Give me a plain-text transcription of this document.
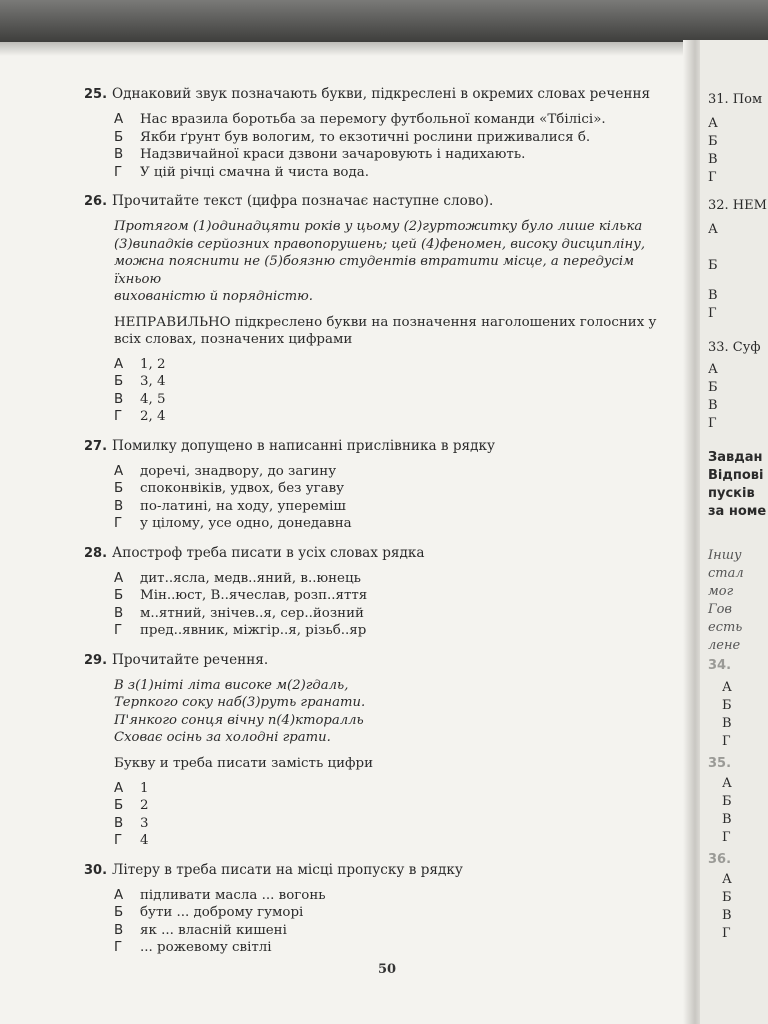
25. Однаковий звук позначають букви, підкреслені в окремих словах речення

А Нас вразила боротьба за перемогу футбольної команди «Тбілісі».
Б Якби ґрунт був вологим, то екзотичні рослини приживалися б.
В Надзвичайної краси дзвони зачаровують і надихають.
Г У цій річці смачна й чиста вода.

26. Прочитайте текст (цифра позначає наступне слово).

Протягом (1)одинадцяти років у цьому (2)гуртожитку було лише кілька

(3)випадків серйозних правопорушень; цей (4)феномен, високу дисципліну,

можна пояснити не (5)боязню студентів втратити місце, а передусім їхньою

вихованістю й порядністю.

НЕПРАВИЛЬНО підкреслено букви на позначення наголошених голосних у

всіх словах, позначених цифрами

А 1, 2
Б 3, 4
В 4, 5
Г 2, 4

27. Помилку допущено в написанні прислівника в рядку

А доречі, знадвору, до загину
Б споконвіків, удвох, без угаву
В по-латині, на ходу, упереміш
Г у цілому, усе одно, донедавна

28. Апостроф треба писати в усіх словах рядка

А дит..ясла, медв..яний, в..юнець
Б Мін..юст, В..ячеслав, розп..яття
В м..ятний, знічев..я, сер..йозний
Г пред..явник, міжгір..я, різьб..яр

29. Прочитайте речення.

В з(1)ніті літа високе м(2)гдаль,

Терпкого соку наб(3)руть гранати.

П'янкого сонця вічну п(4)кторалль

Сховає осінь за холодні грати.

Букву и треба писати замість цифри

А 1
Б 2
В 3
Г 4

30. Літеру в треба писати на місці пропуску в рядку

А підливати масла ... вогонь
Б бути ... доброму гуморі
В як ... власній кишені
Г ... рожевому світлі
50
31. Пом
А
Б
В
Г
32. НЕМ
А
Б
В
Г
33. Суф
А
Б
В
Г
Завдан
Відпові
пусків
за номе
Іншу
стал
мог
Гов
есть
лене
34.
А
Б
В
Г
35.
А
Б
В
Г
36.
А
Б
В
Г
